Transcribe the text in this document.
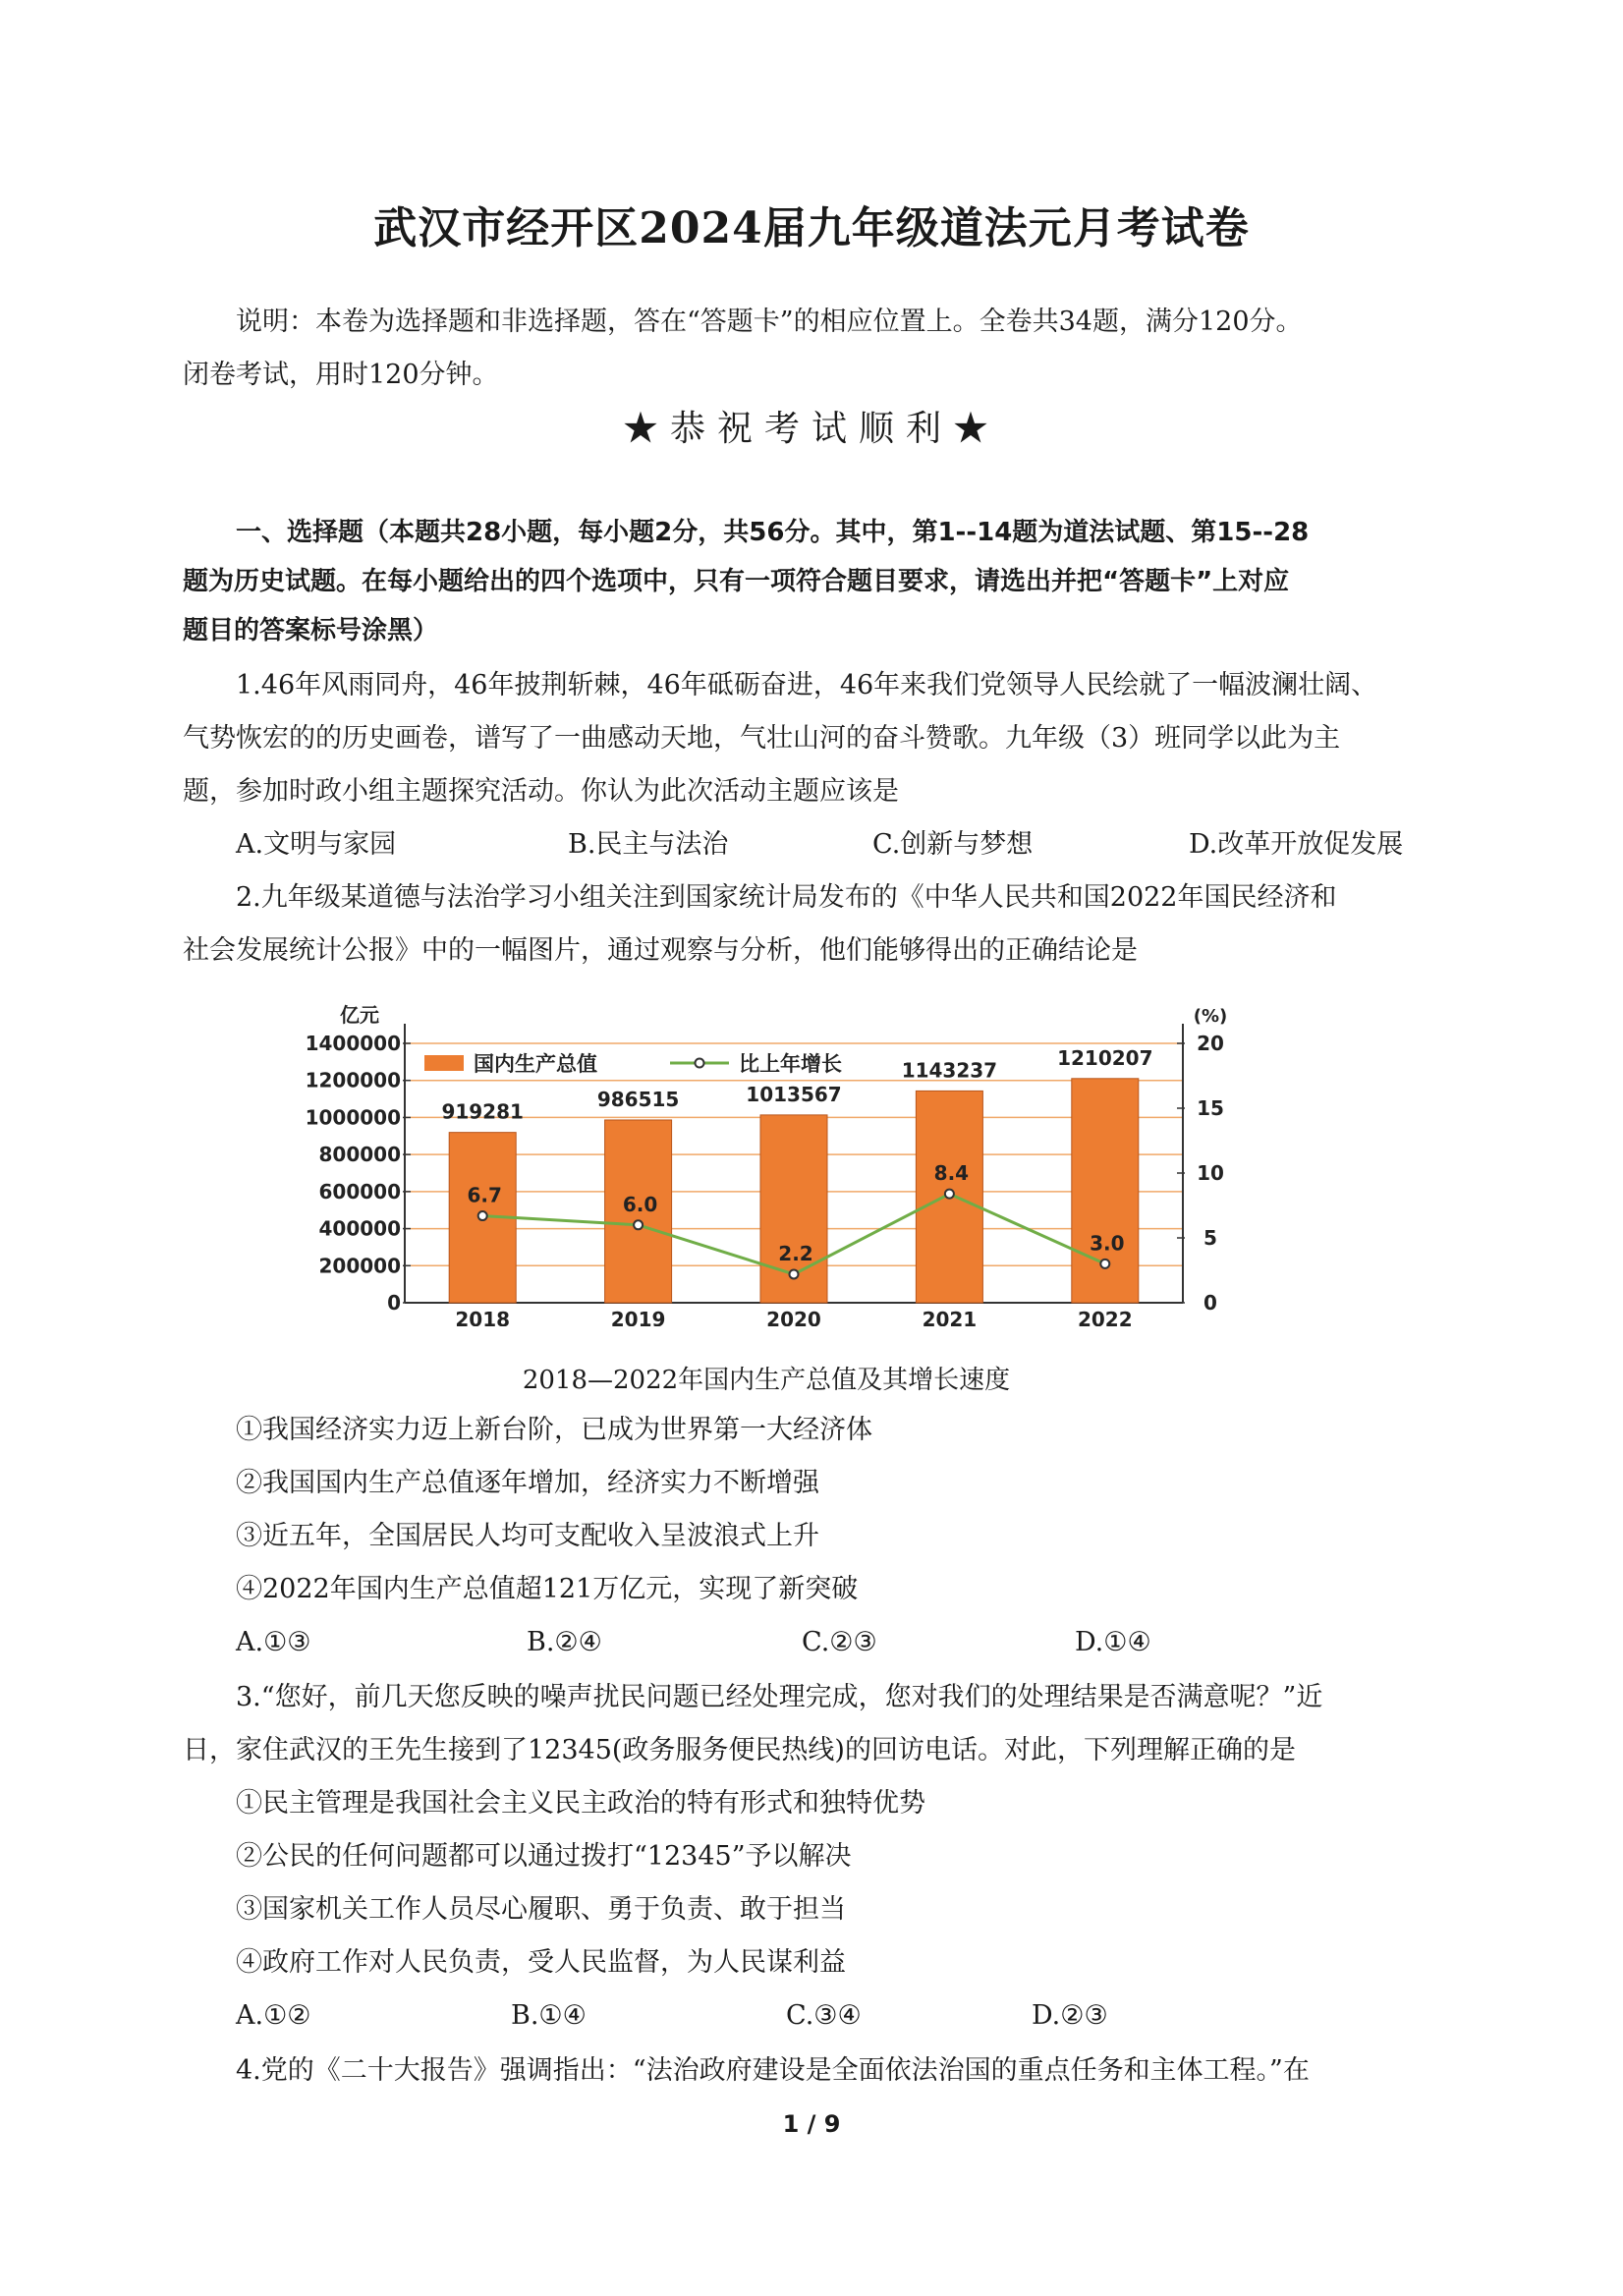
武汉市经开区2024届九年级道法元月考试卷
说明：本卷为选择题和非选择题，答在“答题卡”的相应位置上。全卷共34题，满分120分。
闭卷考试，用时120分钟。
★恭祝考试顺利★
一、选择题（本题共28小题，每小题2分，共56分。其中，第1--14题为道法试题、第15--28
题为历史试题。在每小题给出的四个选项中，只有一项符合题目要求，请选出并把“答题卡”上对应
题目的答案标号涂黑）
1.46年风雨同舟，46年披荆斩棘，46年砥砺奋进，46年来我们党领导人民绘就了一幅波澜壮阔、
气势恢宏的的历史画卷，谱写了一曲感动天地，气壮山河的奋斗赞歌。九年级（3）班同学以此为主
题，参加时政小组主题探究活动。你认为此次活动主题应该是
A.文明与家园	B.民主与法治	C.创新与梦想	D.改革开放促发展
2.九年级某道德与法治学习小组关注到国家统计局发布的《中华人民共和国2022年国民经济和
社会发展统计公报》中的一幅图片，通过观察与分析，他们能够得出的正确结论是
0
200000
400000
600000
800000
1000000
1200000
1400000
0
5
10
15
20
亿元	(%)
919281
2018
986515
2019
1013567
2020
1143237
2021
1210207
2022
6.7	6.0
2.2
8.4
3.0
国内生产总值	比上年增长
2018—2022年国内生产总值及其增长速度
①我国经济实力迈上新台阶，已成为世界第一大经济体
②我国国内生产总值逐年增加，经济实力不断增强
③近五年，全国居民人均可支配收入呈波浪式上升
④2022年国内生产总值超121万亿元，实现了新突破
A.①③	B.②④	C.②③	D.①④
3.“您好，前几天您反映的噪声扰民问题已经处理完成，您对我们的处理结果是否满意呢？”近
日，家住武汉的王先生接到了12345(政务服务便民热线)的回访电话。对此，下列理解正确的是
①民主管理是我国社会主义民主政治的特有形式和独特优势
②公民的任何问题都可以通过拨打“12345”予以解决
③国家机关工作人员尽心履职、勇于负责、敢于担当
④政府工作对人民负责，受人民监督，为人民谋利益
A.①②	B.①④	C.③④	D.②③
4.党的《二十大报告》强调指出：“法治政府建设是全面依法治国的重点任务和主体工程。”在
1 / 9
